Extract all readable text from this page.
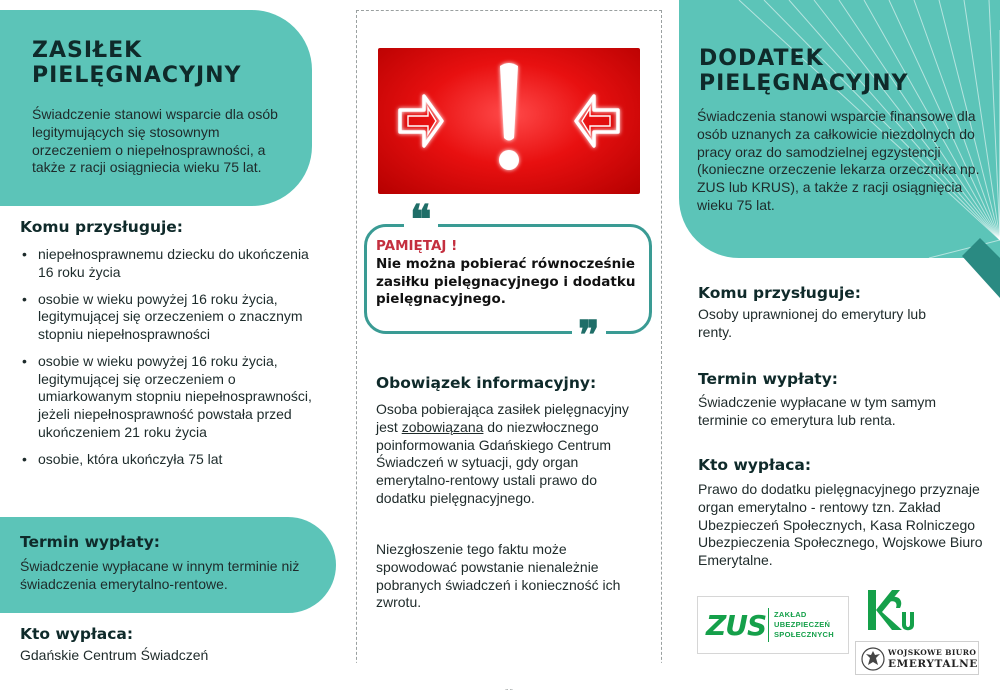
ZASIŁEK
PIELĘGNACYJNY
Świadczenie stanowi wsparcie dla osób legitymujących się stosownym orzeczeniem o niepełnosprawności, a także z racji osiągniecia wieku 75 lat.
Komu przysługuje:
• niepełnosprawnemu dziecku do ukończenia 16 roku życia
• osobie w wieku powyżej 16 roku życia, legitymującej się orzeczeniem o znacznym stopniu niepełnosprawności
• osobie w wieku powyżej 16 roku życia, legitymującej się orzeczeniem o umiarkowanym stopniu niepełnosprawności, jeżeli niepełnosprawność powstała przed ukończeniem 21 roku życia
• osobie, która ukończyła 75 lat
Termin wypłaty:
Świadczenie wypłacane w innym terminie niż świadczenia emerytalno-rentowe.
Kto wypłaca:
Gdańskie Centrum Świadczeń
❝
❞
PAMIĘTAJ !
Nie można pobierać równocześnie zasiłku pielęgnacyjnego i dodatku pielęgnacyjnego.
Obowiązek informacyjny:
Osoba pobierająca zasiłek pielęgnacyjny jest zobowiązana do niezwłocznego poinformowania Gdańskiego Centrum Świadczeń w sytuacji, gdy organ emerytalno-rentowy ustali prawo do dodatku pielęgnacyjnego.
Niezgłoszenie tego faktu może spowodować powstanie nienależnie pobranych świadczeń i konieczność ich zwrotu.
DODATEK
PIELĘGNACYJNY
Świadczenia stanowi wsparcie finansowe dla osób uznanych za całkowicie niezdolnych do pracy oraz do samodzielnej egzystencji (konieczne orzeczenie lekarza orzecznika np. ZUS lub KRUS), a także z racji osiągnięcia wieku 75 lat.
Komu przysługuje:
Osoby uprawnionej do emerytury lub renty.
Termin wypłaty:
Świadczenie wypłacane w tym samym terminie co emerytura lub renta.
Kto wypłaca:
Prawo do dodatku pielęgnacyjnego przyznaje organ emerytalno - rentowy tzn. Zakład Ubezpieczeń Społecznych, Kasa Rolniczego Ubezpieczenia Społecznego, Wojskowe Biuro Emerytalne.
ZUS ZAKŁAD
UBEZPIECZEŃ
SPOŁECZNYCH
WOJSKOWE BIURO
EMERYTALNE
